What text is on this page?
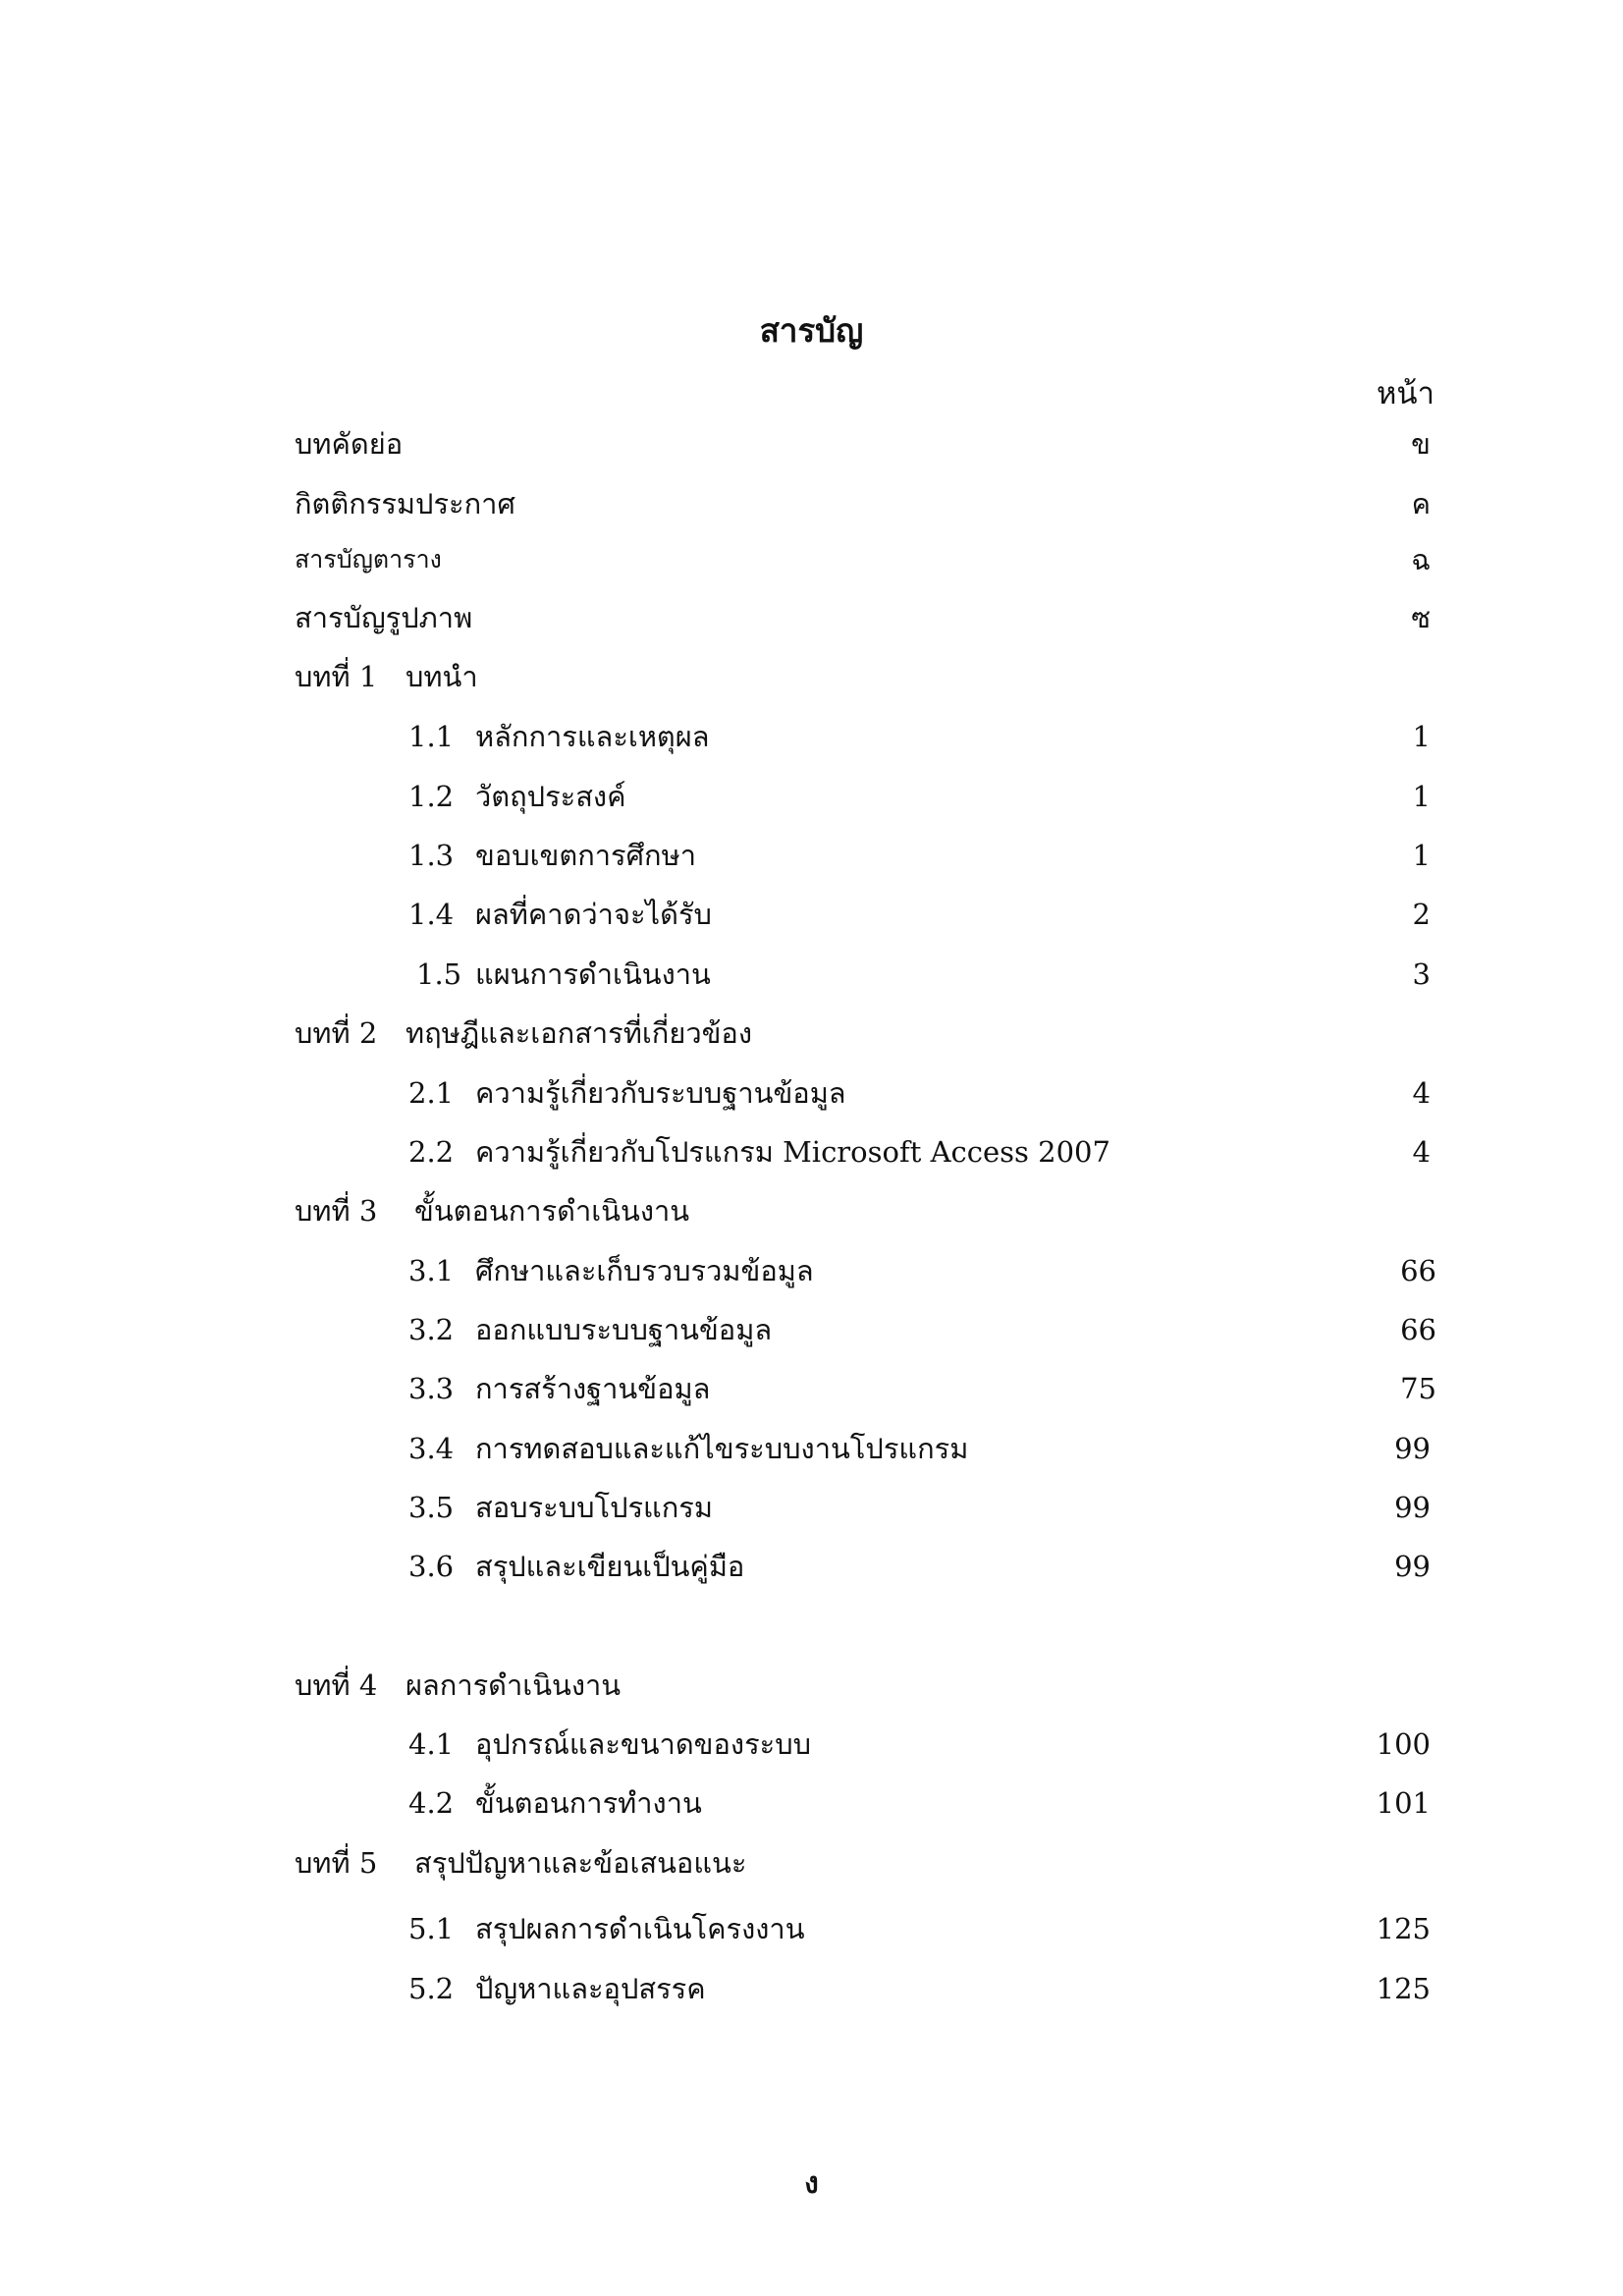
สารบัญ
หน้า
บทคัดย่อ	ข
กิตติกรรมประกาศ	ค
สารบัญตาราง	ฉ
สารบัญรูปภาพ	ซ
บทที่ 1 บทนำ
1.1 หลักการและเหตุผล	1
1.2 วัตถุประสงค์	1
1.3 ขอบเขตการศึกษา	1
1.4 ผลที่คาดว่าจะได้รับ	2
1.5 แผนการดำเนินงาน	3
บทที่ 2 ทฤษฎีและเอกสารที่เกี่ยวข้อง
2.1 ความรู้เกี่ยวกับระบบฐานข้อมูล	4
2.2 ความรู้เกี่ยวกับโปรแกรม Microsoft Access 2007	4
บทที่ 3 ขั้นตอนการดำเนินงาน
3.1 ศึกษาและเก็บรวบรวมข้อมูล	66
3.2 ออกแบบระบบฐานข้อมูล	66
3.3 การสร้างฐานข้อมูล	75
3.4 การทดสอบและแก้ไขระบบงานโปรแกรม	99
3.5 สอบระบบโปรแกรม	99
3.6 สรุปและเขียนเป็นคู่มือ	99
บทที่ 4 ผลการดำเนินงาน
4.1 อุปกรณ์และขนาดของระบบ	100
4.2 ขั้นตอนการทำงาน	101
บทที่ 5 สรุปปัญหาและข้อเสนอแนะ
5.1 สรุปผลการดำเนินโครงงาน	125
5.2 ปัญหาและอุปสรรค	125
ง
